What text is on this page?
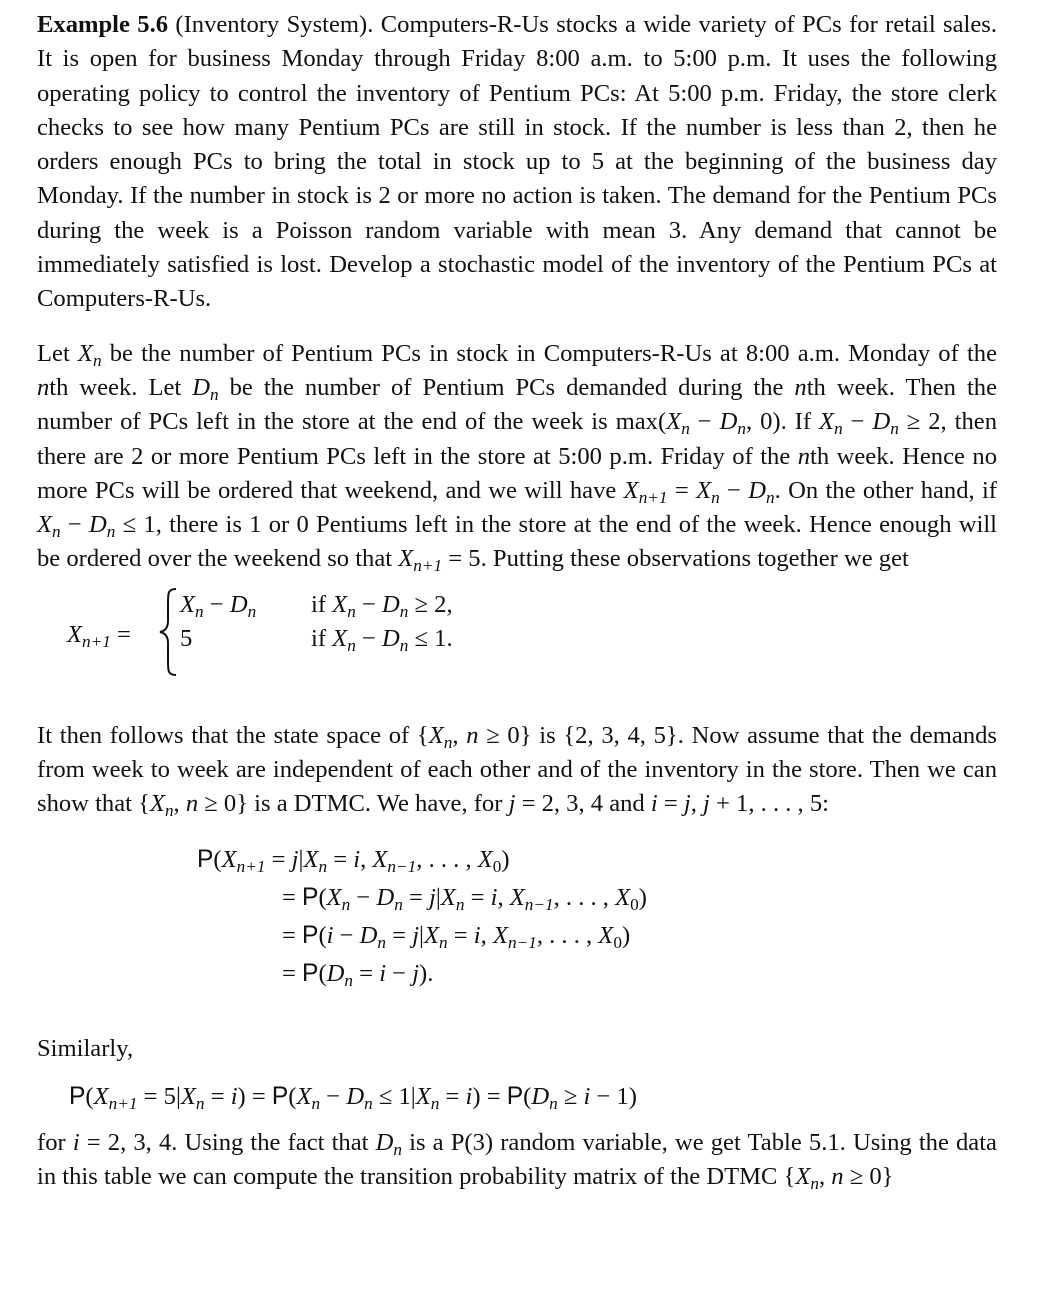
Example 5.6 (Inventory System). Computers-R-Us stocks a wide variety of PCs for retail sales. It is open for business Monday through Friday 8:00 a.m. to 5:00 p.m. It uses the following operating policy to control the inventory of Pentium PCs: At 5:00 p.m. Friday, the store clerk checks to see how many Pentium PCs are still in stock. If the number is less than 2, then he orders enough PCs to bring the total in stock up to 5 at the beginning of the business day Monday. If the number in stock is 2 or more no action is taken. The demand for the Pentium PCs during the week is a Poisson random variable with mean 3. Any demand that cannot be immediately satisfied is lost. Develop a stochastic model of the inventory of the Pentium PCs at Computers-R-Us.

Let $X_n$ be the number of Pentium PCs in stock in Computers-R-Us at 8:00 a.m. Monday of the nth week. Let $D_n$ be the number of Pentium PCs demanded during the nth week. Then the number of PCs left in the store at the end of the week is $\max(X_n - D_n$, 0). If $X_n - D_n \ge 2$, then there are 2 or more Pentium PCs left in the store at 5:00 p.m. Friday of the nth week. Hence no more PCs will be ordered that weekend, and we will have $X_{n+1} = X_n - D_n$. On the other hand, if $X_n - D_n \le 1$, there is 1 or 0 Pentiums left in the store at the end of the week. Hence enough will be ordered over the weekend so that $X_{n+1} = 5$. Putting these observations together we get

$X_{n+1}$ =
$X_n - D_n$
5
if $X_n - D_n \ge 2$,
if $X_n - D_n \le 1$.

It then follows that the state space of {$X_n$, n ≥ 0} is {2, 3, 4, 5}. Now assume that the demands from week to week are independent of each other and of the inventory in the store. Then we can show that {$X_n$, n ≥ 0} is a DTMC. We have, for j = 2, 3, 4 and i = j, j + 1, . . . , 5:

$P(X_{n+1} = j|X_n = i$, $X_{n-1}$, . . . , $X_0$)
= $P(X_n - D_n = j|X_n = i$, $X_{n-1}$, . . . , $X_0$)
= $P(i - D_n = j|X_n = i$, $X_{n-1}$, . . . , $X_0$)
= $P(D_n = i - j)$.

Similarly,

$P(X_{n+1} = 5|X_n = i) = P(X_n - D_n \le 1|X_n = i) = P(D_n \ge i - 1)$

for i = 2, 3, 4. Using the fact that $D_n$ is a P(3) random variable, we get Table 5.1. Using the data in this table we can compute the transition probability matrix of the DTMC {$X_n$, n ≥ 0}
